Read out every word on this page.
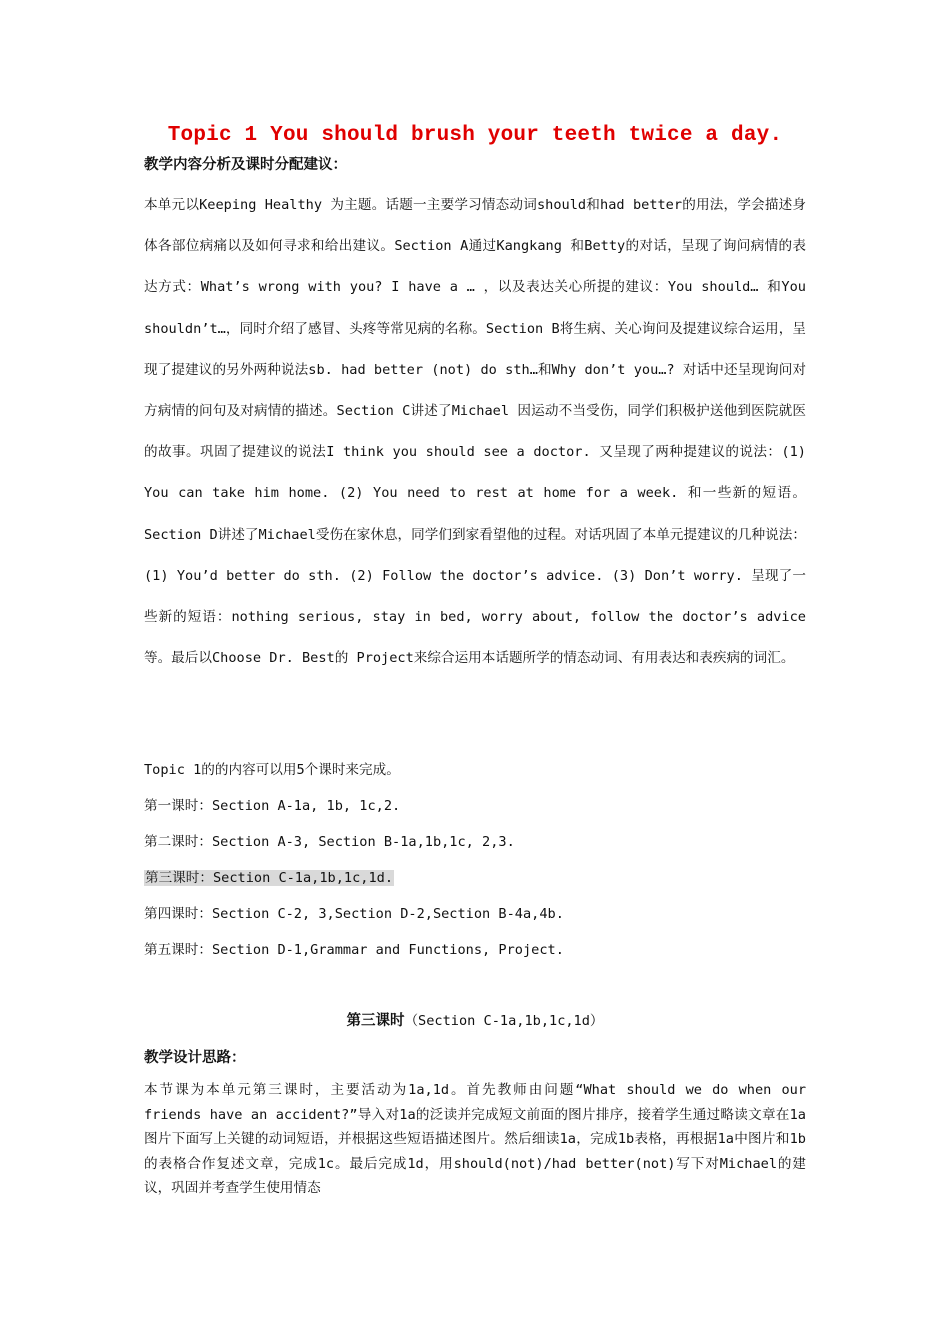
Topic 1 You should brush your teeth twice a day.
教学内容分析及课时分配建议：

本单元以Keeping Healthy 为主题。话题一主要学习情态动词should和had better的用法，学会描述身体各部位病痛以及如何寻求和给出建议。Section A通过Kangkang 和Betty的对话，呈现了询问病情的表达方式：What’s wrong with you? I have a … ，以及表达关心所提的建议：You should… 和You shouldn’t…，同时介绍了感冒、头疼等常见病的名称。Section B将生病、关心询问及提建议综合运用，呈现了提建议的另外两种说法sb. had better (not) do sth…和Why don’t you…? 对话中还呈现询问对方病情的问句及对病情的描述。Section C讲述了Michael 因运动不当受伤，同学们积极护送他到医院就医的故事。巩固了提建议的说法I think you should see a doctor. 又呈现了两种提建议的说法：(1) You can take him home. (2) You need to rest at home for a week. 和一些新的短语。Section D讲述了Michael受伤在家休息，同学们到家看望他的过程。对话巩固了本单元提建议的几种说法：(1) You’d better do sth. (2) Follow the doctor’s advice. (3) Don’t worry. 呈现了一些新的短语：nothing serious, stay in bed, worry about, follow the doctor’s advice等。最后以Choose Dr. Best的 Project来综合运用本话题所学的情态动词、有用表达和表疾病的词汇。

Topic 1的的内容可以用5个课时来完成。
第一课时：Section A-1a, 1b, 1c,2.
第二课时：Section A-3, Section B-1a,1b,1c, 2,3.
第三课时：Section C-1a,1b,1c,1d.
第四课时：Section C-2, 3,Section D-2,Section B-4a,4b.
第五课时：Section D-1,Grammar and Functions, Project.
第三课时（Section C-1a,1b,1c,1d）
教学设计思路：

本节课为本单元第三课时，主要活动为1a,1d。首先教师由问题“What should we do when our friends have an accident?”导入对1a的泛读并完成短文前面的图片排序，接着学生通过略读文章在1a图片下面写上关键的动词短语，并根据这些短语描述图片。然后细读1a，完成1b表格，再根据1a中图片和1b的表格合作复述文章，完成1c。最后完成1d，用should(not)/had better(not)写下对Michael的建议，巩固并考查学生使用情态
